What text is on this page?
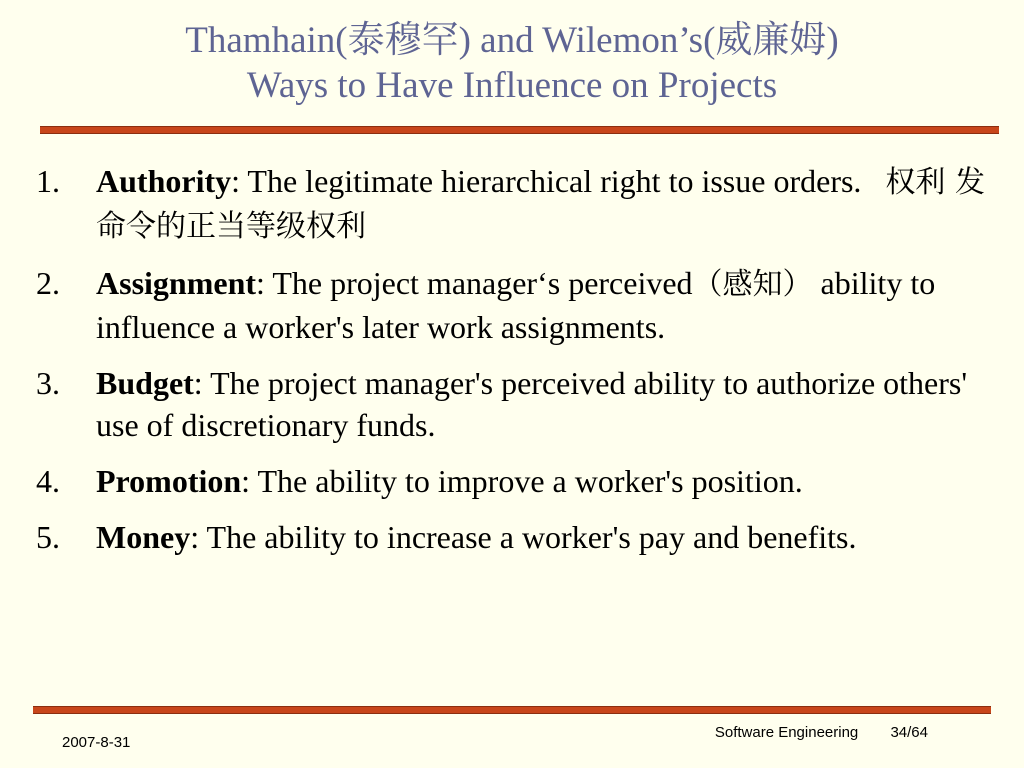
Thamhain(泰穆罕) and Wilemon’s(威廉姆)
Ways to Have Influence on Projects
1.	Authority: The legitimate hierarchical right to issue orders. 权利 发命令的正当等级权利
2.	Assignment: The project manager‘s perceived（感知） ability to influence a worker's later work assignments.
3.	Budget: The project manager's perceived ability to authorize others' use of discretionary funds.
4.	Promotion: The ability to improve a worker's position.
5.	Money: The ability to increase a worker's pay and benefits.
2007-8-31
Software Engineering 34/64
